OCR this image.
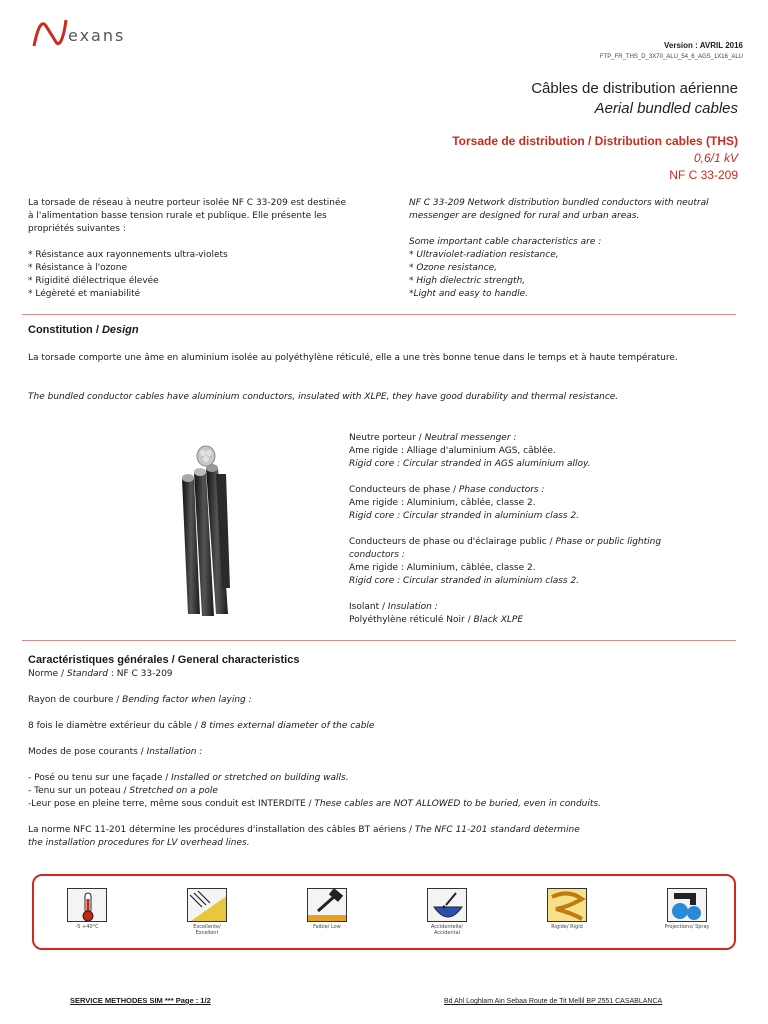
exans
Version : AVRIL 2016
FTP_FR_THS_D_3X70_ALU_54_6_AGS_1X16_ALU
Câbles de distribution aérienne
Aerial bundled cables
Torsade de distribution / Distribution cables (THS)
0,6/1 kV
NF C 33-209
La torsade de réseau à neutre porteur isolée NF C 33-209 est destinée à l'alimentation basse tension rurale et publique. Elle présente les propriétés suivantes :
* Résistance aux rayonnements ultra-violets
* Résistance à l'ozone
* Rigidité diélectrique élevée
* Légèreté et maniabilité
NF C 33-209 Network distribution bundled conductors with neutral messenger are designed for rural and urban areas.
Some important cable characteristics are :
* Ultraviolet-radiation resistance,
* Ozone resistance,
* High dielectric strength,
*Light and easy to handle.
Constitution / Design
La torsade comporte une âme en aluminium isolée au polyéthylène réticulé, elle a une très bonne tenue dans le temps et à haute température.
The bundled conductor cables have aluminium conductors, insulated with XLPE, they have good durability and thermal resistance.
Neutre porteur / Neutral messenger :
Ame rigide : Alliage d'aluminium AGS, câblée.
Rigid core : Circular stranded in AGS aluminium alloy.
Conducteurs de phase / Phase conductors :
Ame rigide : Aluminium, câblée, classe 2.
Rigid core : Circular stranded in aluminium class 2.
Conducteurs de phase ou d'éclairage public / Phase or public lighting conductors :
Ame rigide : Aluminium, câblée, classe 2.
Rigid core : Circular stranded in aluminium class 2.
Isolant / Insulation :
Polyéthylène réticulé Noir / Black XLPE
Caractéristiques générales / General characteristics
Norme / Standard : NF C 33-209
Rayon de courbure / Bending factor when laying :
8 fois le diamètre extérieur du câble / 8 times external diameter of the cable
Modes de pose courants / Installation :
- Posé ou tenu sur une façade / Installed or stretched on building walls.
- Tenu sur un poteau / Stretched on a pole
-Leur pose en pleine terre, même sous conduit est INTERDITE / These cables are NOT ALLOWED to be buried, even in conduits.
La norme NFC 11-201 détermine les procédures d'installation des câbles BT aériens / The NFC 11-201 standard determine
the installation procedures for LV overhead lines.
-5 +40°C	Excellente/ Excellent
Faible/ Low	Accidentelle/ Accidental
Rigide/ Rigid	Projections/ Spray
SERVICE METHODES SIM *** Page : 1/2	Bd Ahl Loghlam Ain Sebaa Route de Tit Mellil BP 2551 CASABLANCA
